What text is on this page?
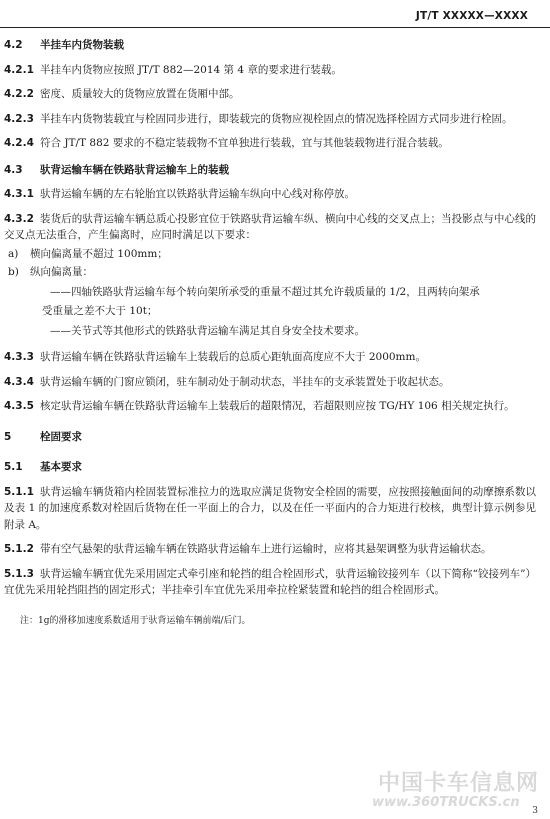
JT/T XXXXX—XXXX
4.2 半挂车内货物装载

4.2.1 半挂车内货物应按照 JT/T 882—2014 第 4 章的要求进行装载。

4.2.2 密度、质量较大的货物应放置在货厢中部。

4.2.3 半挂车内货物装载宜与栓固同步进行，即装载完的货物应视栓固点的情况选择栓固方式同步进行栓固。

4.2.4 符合 JT/T 882 要求的不稳定装载物不宜单独进行装载，宜与其他装载物进行混合装载。

4.3 驮背运输车辆在铁路驮背运输车上的装载

4.3.1 驮背运输车辆的左右轮胎宜以铁路驮背运输车纵向中心线对称停放。

4.3.2 装货后的驮背运输车辆总质心投影宜位于铁路驮背运输车纵、横向中心线的交叉点上；当投影点与中心线的交叉点无法重合，产生偏离时，应同时满足以下要求：

a) 横向偏离量不超过 100mm；

b) 纵向偏离量：

——四轴铁路驮背运输车每个转向架所承受的重量不超过其允许载质量的 1/2，且两转向架承

受重量之差不大于 10t；

——关节式等其他形式的铁路驮背运输车满足其自身安全技术要求。

4.3.3 驮背运输车辆在铁路驮背运输车上装载后的总质心距轨面高度应不大于 2000mm。

4.3.4 驮背运输车辆的门窗应锁闭，驻车制动处于制动状态，半挂车的支承装置处于收起状态。

4.3.5 核定驮背运输车辆在铁路驮背运输车上装载后的超限情况，若超限则应按 TG/HY 106 相关规定执行。

5	栓固要求
5.1 基本要求

5.1.1 驮背运输车辆货箱内栓固装置标准拉力的选取应满足货物安全栓固的需要，应按照接触面间的动摩擦系数以及表 1 的加速度系数对栓固后货物在任一平面上的合力，以及在任一平面内的合力矩进行校核，典型计算示例参见附录 A。

5.1.2 带有空气悬架的驮背运输车辆在铁路驮背运输车上进行运输时，应将其悬架调整为驮背运输状态。

5.1.3 驮背运输车辆宜优先采用固定式牵引座和轮挡的组合栓固形式，驮背运输铰接列车（以下简称“铰接列车”）宜优先采用轮挡阻挡的固定形式；半挂牵引车宜优先采用牵拉栓紧装置和轮挡的组合栓固形式。

注：1g的滑移加速度系数适用于驮背运输车辆前端/后门。

中国卡车信息网
www.360TRUCKS.cn
3
